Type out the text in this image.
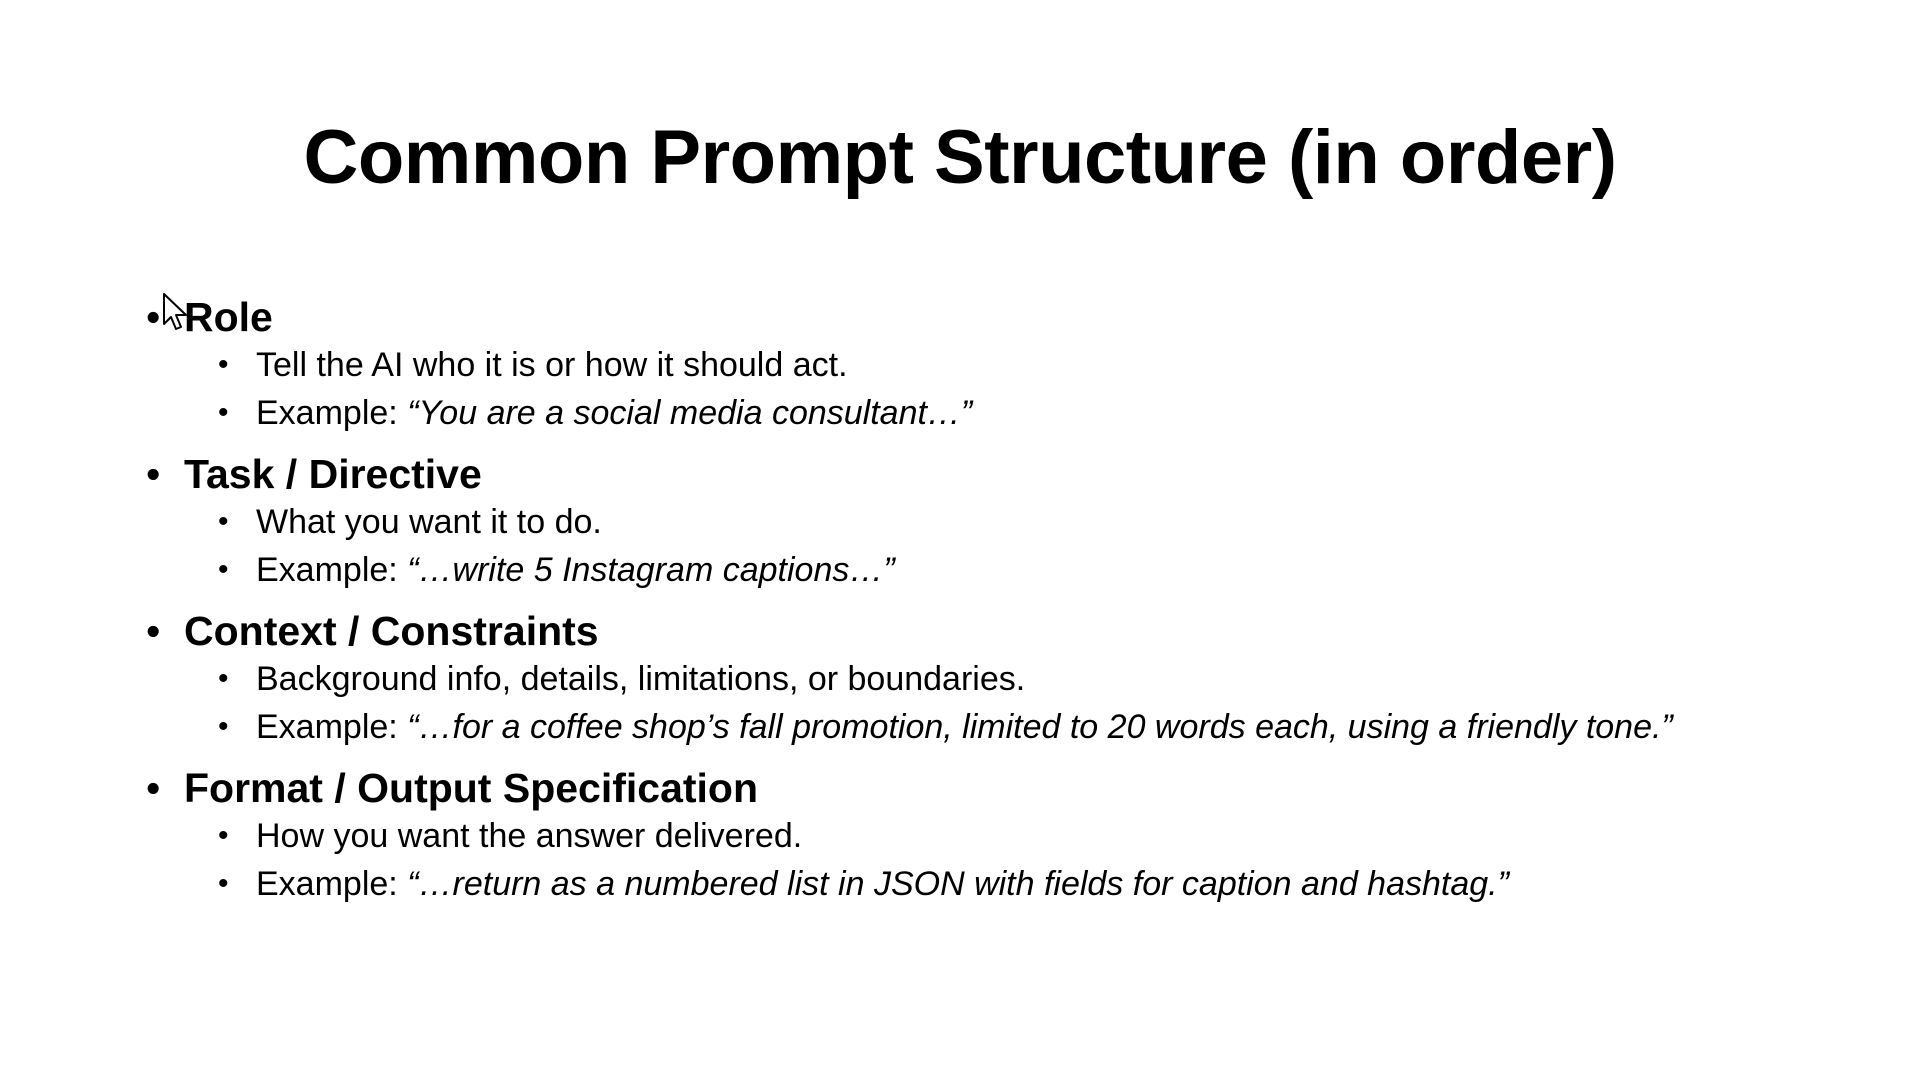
Common Prompt Structure (in order)
• Role
• Tell the AI who it is or how it should act.
• Example: “You are a social media consultant…”
• Task / Directive
• What you want it to do.
• Example: “…write 5 Instagram captions…”
• Context / Constraints
• Background info, details, limitations, or boundaries.
• Example: “…for a coffee shop’s fall promotion, limited to 20 words each, using a friendly tone.”
• Format / Output Specification
• How you want the answer delivered.
• Example: “…return as a numbered list in JSON with fields for caption and hashtag.”
